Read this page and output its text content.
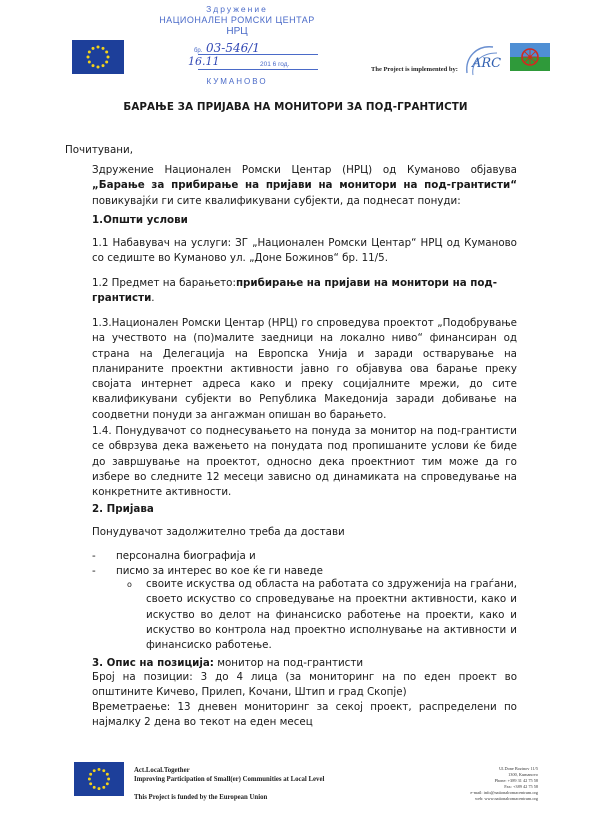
Здружение
НАЦИОНАЛЕН РОМСКИ ЦЕНТАР
НРЦ
бр. 03-546/1
16.11	201 6 год.
КУМАНОВО
The Project is implemented by: ARC
БАРАЊЕ ЗА ПРИЈАВА НА МОНИТОРИ ЗА ПОД-ГРАНТИСТИ
Почитувани,
Здружение Национален Ромски Центар (НРЦ) од Куманово објавува „Барање за прибирање на пријави на монитори на под-грантисти“ повикувајќи ги сите квалификувани субјекти, да поднесат понуди:
1.Општи услови
1.1 Набавувач на услуги: ЗГ „Национален Ромски Центар“ НРЦ од Куманово со седиште во Куманово ул. „Доне Божинов“ бр. 11/5.
1.2 Предмет на барањето:прибирање на пријави на монитори на под-грантисти.
1.3.Национален Ромски Центар (НРЦ) го спроведува проектот „Подобрување на учеството на (по)малите заедници на локално ниво“ финансиран од страна на Делегација на Европска Унија и заради остварување на планираните проектни активности јавно го објавува ова барање преку својата интернет адреса како и преку социјалните мрежи, до сите квалификувани субјекти во Република Македонија заради добивање на соодветни понуди за ангажман опишан во барањето.
1.4. Понудувачот со поднесувањето на понуда за монитор на под-грантисти се обврзува дека важењето на понудата под пропишаните услови ќе биде до завршување на проектот, односно дека проектниот тим може да го избере во следните 12 месеци зависно од динамиката на спроведување на конкретните активности.
2. Пријава
Понудувачот задолжително треба да достави
- персонална биографија и
- писмо за интерес во кое ќе ги наведе
o своите искуства од областа на работата со здруженија на граѓани, своето искуство со спроведување на проектни активности, како и искуство во делот на финансиско работење на проекти, како и искуство во контрола над проектно исполнување на активности и финансиско работење.
3. Опис на позиција: монитор на под-грантисти
Број на позиции: 3 до 4 лица (за мониторинг на по еден проект во општините Кичево, Прилеп, Кочани, Штип и град Скопје)
Времетраење: 13 дневен мониторинг за секој проект, распределени по најмалку 2 дена во текот на еден месец
Act.Local.Together
Improving Participation of Small(er) Communities at Local Level
This Project is funded by the European Union
Ul.Done Bozinov 11/5
1300, Kumanovo
Phone: +389 31 42 75 58
Fax: +389 42 75 58
e-mail: info@nationalromacentrum.org
web: www.nationalromacentrum.org
